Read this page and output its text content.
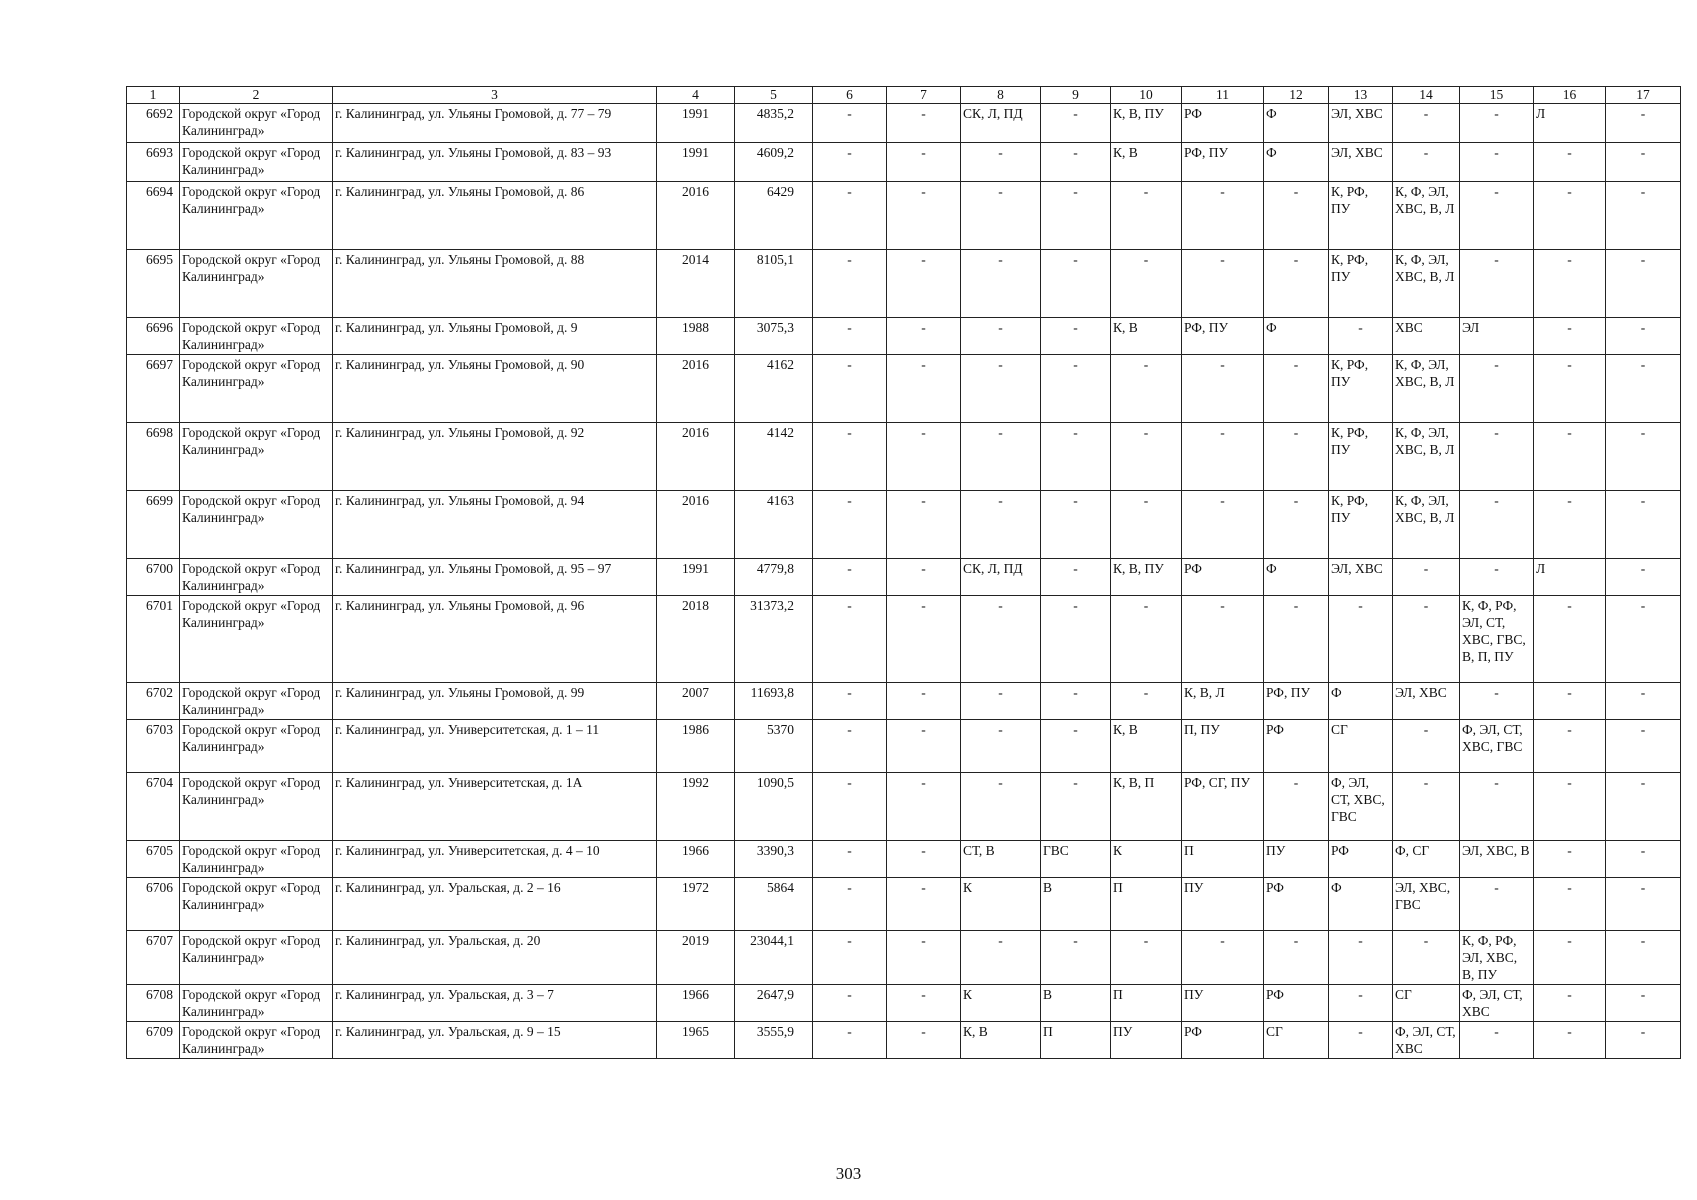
1	2	3	4	5	6	7	8	9	10	11	12	13	14	15	16	17
6692	Городской округ «Город Калининград»	г. Калининград, ул. Ульяны Громовой, д. 77 – 79	1991	4835,2	-	-	СК, Л, ПД	-	К, В, ПУ	РФ	Ф	ЭЛ, ХВС	-	-	Л	-
6693	Городской округ «Город Калининград»	г. Калининград, ул. Ульяны Громовой, д. 83 – 93	1991	4609,2	-	-	-	-	К, В	РФ, ПУ	Ф	ЭЛ, ХВС	-	-	-	-
6694	Городской округ «Город Калининград»	г. Калининград, ул. Ульяны Громовой, д. 86	2016	6429	-	-	-	-	-	-	-	К, РФ, ПУ	К, Ф, ЭЛ, ХВС, В, Л	-	-	-
6695	Городской округ «Город Калининград»	г. Калининград, ул. Ульяны Громовой, д. 88	2014	8105,1	-	-	-	-	-	-	-	К, РФ, ПУ	К, Ф, ЭЛ, ХВС, В, Л	-	-	-
6696	Городской округ «Город Калининград»	г. Калининград, ул. Ульяны Громовой, д. 9	1988	3075,3	-	-	-	-	К, В	РФ, ПУ	Ф	-	ХВС	ЭЛ	-	-
6697	Городской округ «Город Калининград»	г. Калининград, ул. Ульяны Громовой, д. 90	2016	4162	-	-	-	-	-	-	-	К, РФ, ПУ	К, Ф, ЭЛ, ХВС, В, Л	-	-	-
6698	Городской округ «Город Калининград»	г. Калининград, ул. Ульяны Громовой, д. 92	2016	4142	-	-	-	-	-	-	-	К, РФ, ПУ	К, Ф, ЭЛ, ХВС, В, Л	-	-	-
6699	Городской округ «Город Калининград»	г. Калининград, ул. Ульяны Громовой, д. 94	2016	4163	-	-	-	-	-	-	-	К, РФ, ПУ	К, Ф, ЭЛ, ХВС, В, Л	-	-	-
6700	Городской округ «Город Калининград»	г. Калининград, ул. Ульяны Громовой, д. 95 – 97	1991	4779,8	-	-	СК, Л, ПД	-	К, В, ПУ	РФ	Ф	ЭЛ, ХВС	-	-	Л	-
6701	Городской округ «Город Калининград»	г. Калининград, ул. Ульяны Громовой, д. 96	2018	31373,2	-	-	-	-	-	-	-	-	-	К, Ф, РФ, ЭЛ, СТ, ХВС, ГВС, В, П, ПУ	-	-
6702	Городской округ «Город Калининград»	г. Калининград, ул. Ульяны Громовой, д. 99	2007	11693,8	-	-	-	-	-	К, В, Л	РФ, ПУ	Ф	ЭЛ, ХВС	-	-	-
6703	Городской округ «Город Калининград»	г. Калининград, ул. Университетская, д. 1 – 11	1986	5370	-	-	-	-	К, В	П, ПУ	РФ	СГ	-	Ф, ЭЛ, СТ, ХВС, ГВС	-	-
6704	Городской округ «Город Калининград»	г. Калининград, ул. Университетская, д. 1А	1992	1090,5	-	-	-	-	К, В, П	РФ, СГ, ПУ	-	Ф, ЭЛ, СТ, ХВС, ГВС	-	-	-	-
6705	Городской округ «Город Калининград»	г. Калининград, ул. Университетская, д. 4 – 10	1966	3390,3	-	-	СТ, В	ГВС	К	П	ПУ	РФ	Ф, СГ	ЭЛ, ХВС, В	-	-
6706	Городской округ «Город Калининград»	г. Калининград, ул. Уральская, д. 2 – 16	1972	5864	-	-	К	В	П	ПУ	РФ	Ф	ЭЛ, ХВС, ГВС	-	-	-
6707	Городской округ «Город Калининград»	г. Калининград, ул. Уральская, д. 20	2019	23044,1	-	-	-	-	-	-	-	-	-	К, Ф, РФ, ЭЛ, ХВС, В, ПУ	-	-
6708	Городской округ «Город Калининград»	г. Калининград, ул. Уральская, д. 3 – 7	1966	2647,9	-	-	К	В	П	ПУ	РФ	-	СГ	Ф, ЭЛ, СТ, ХВС	-	-
6709	Городской округ «Город Калининград»	г. Калининград, ул. Уральская, д. 9 – 15	1965	3555,9	-	-	К, В	П	ПУ	РФ	СГ	-	Ф, ЭЛ, СТ, ХВС	-	-	-
303
